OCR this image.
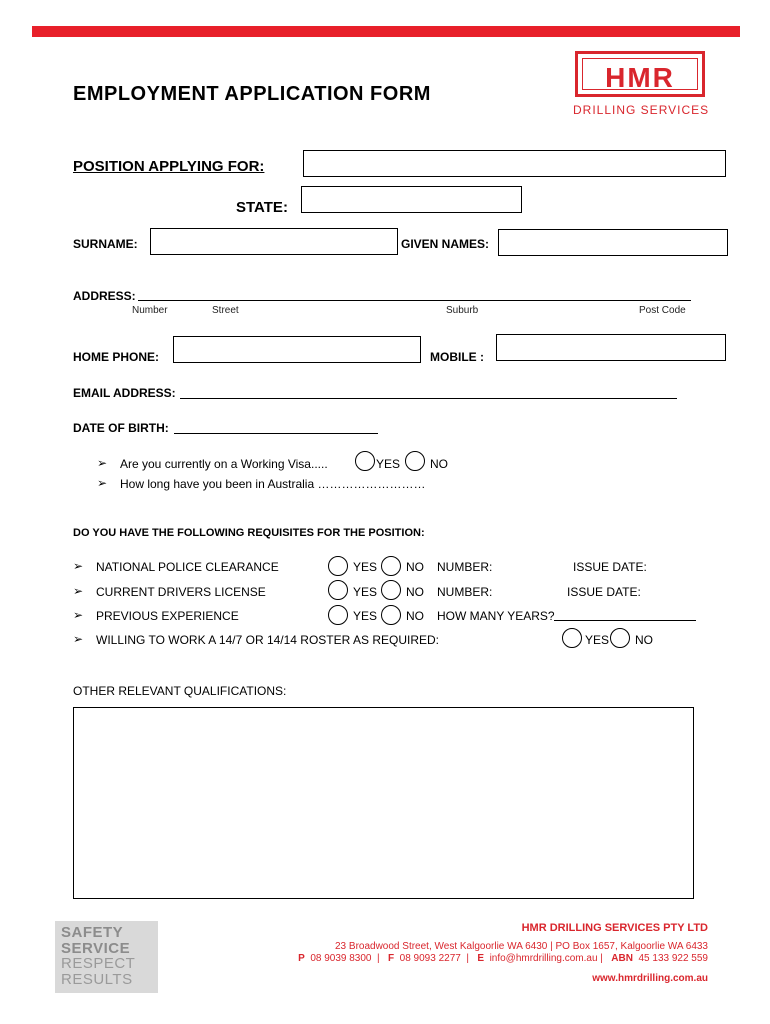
EMPLOYMENT APPLICATION FORM
HMR
DRILLING SERVICES
POSITION APPLYING FOR:
STATE:
SURNAME:	GIVEN NAMES:
ADDRESS:
Number	Street	Suburb	Post Code
HOME PHONE:	MOBILE :
EMAIL ADDRESS:
DATE OF BIRTH:
➢ Are you currently on a Working Visa.....	YES NO
➢ How long have you been in Australia ………………………
DO YOU HAVE THE FOLLOWING REQUISITES FOR THE POSITION:
➢ NATIONAL POLICE CLEARANCE	YES NO NUMBER:	ISSUE DATE:
➢ CURRENT DRIVERS LICENSE	YES NO NUMBER:	ISSUE DATE:
➢ PREVIOUS EXPERIENCE	YES NO HOW MANY YEARS?
➢ WILLING TO WORK A 14/7 OR 14/14 ROSTER AS REQUIRED:	YES NO
OTHER RELEVANT QUALIFICATIONS:
SAFETY
SERVICE
RESPECT
RESULTS
HMR DRILLING SERVICES PTY LTD
23 Broadwood Street, West Kalgoorlie WA 6430 | PO Box 1657, Kalgoorlie WA 6433
P 08 9039 8300  |   F 08 9093 2277  |   E info@hmrdrilling.com.au |   ABN 45 133 922 559
www.hmrdrilling.com.au
